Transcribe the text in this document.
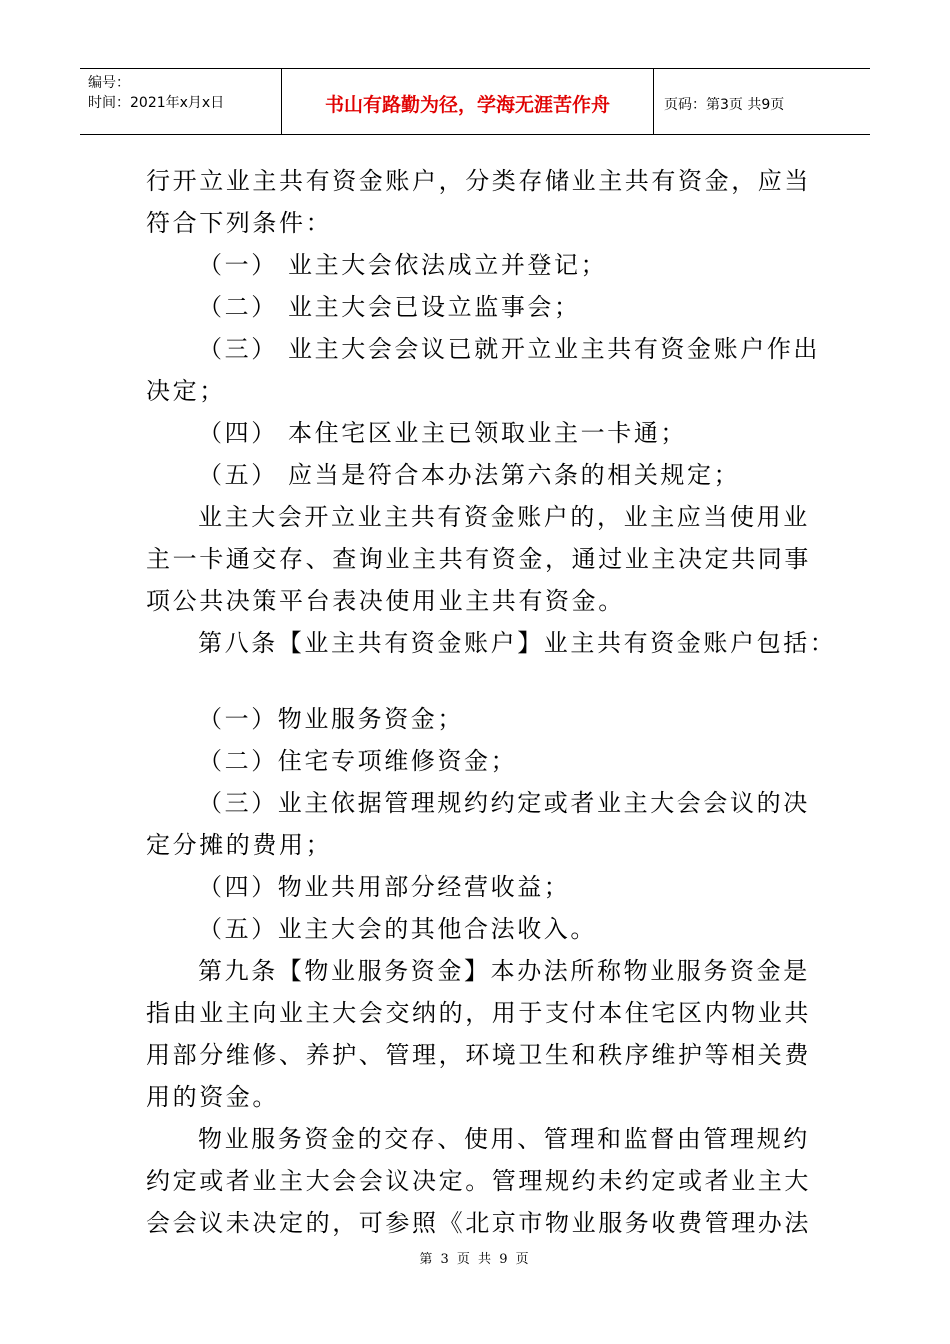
编号：
时间：2021年x月x日	书山有路勤为径，学海无涯苦作舟	页码：第3页 共9页
行开立业主共有资金账户，分类存储业主共有资金，应当
符合下列条件：
（一） 业主大会依法成立并登记；
（二） 业主大会已设立监事会；
（三） 业主大会会议已就开立业主共有资金账户作出
决定；
（四） 本住宅区业主已领取业主一卡通；
（五） 应当是符合本办法第六条的相关规定；
业主大会开立业主共有资金账户的，业主应当使用业
主一卡通交存、查询业主共有资金，通过业主决定共同事
项公共决策平台表决使用业主共有资金。
第八条【业主共有资金账户】业主共有资金账户包括：
（一）物业服务资金；
（二）住宅专项维修资金；
（三）业主依据管理规约约定或者业主大会会议的决
定分摊的费用；
（四）物业共用部分经营收益；
（五）业主大会的其他合法收入。
第九条【物业服务资金】本办法所称物业服务资金是
指由业主向业主大会交纳的，用于支付本住宅区内物业共
用部分维修、养护、管理，环境卫生和秩序维护等相关费
用的资金。
物业服务资金的交存、使用、管理和监督由管理规约
约定或者业主大会会议决定。管理规约未约定或者业主大
会会议未决定的，可参照《北京市物业服务收费管理办法
第 3 页 共 9 页
